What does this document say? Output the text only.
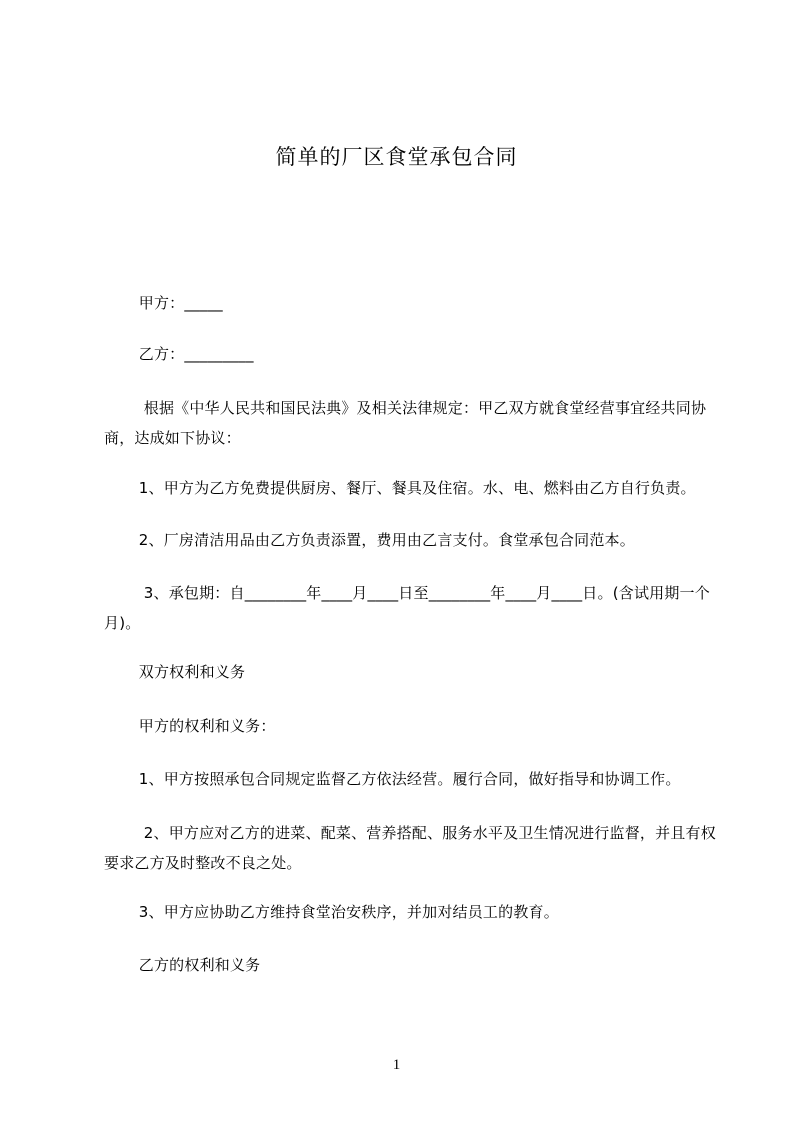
简单的厂区食堂承包合同
甲方：_____
乙方：_________
根据《中华人民共和国民法典》及相关法律规定：甲乙双方就食堂经营事宜经共同协商，达成如下协议：
1、甲方为乙方免费提供厨房、餐厅、餐具及住宿。水、电、燃料由乙方自行负责。
2、厂房清洁用品由乙方负责添置，费用由乙言支付。食堂承包合同范本。
3、承包期：自________年____月____日至________年____月____日。(含试用期一个月)。
双方权利和义务
甲方的权利和义务：
1、甲方按照承包合同规定监督乙方依法经营。履行合同，做好指导和协调工作。
2、甲方应对乙方的进菜、配菜、营养搭配、服务水平及卫生情况进行监督，并且有权要求乙方及时整改不良之处。
3、甲方应协助乙方维持食堂治安秩序，并加对结员工的教育。
乙方的权利和义务
1
